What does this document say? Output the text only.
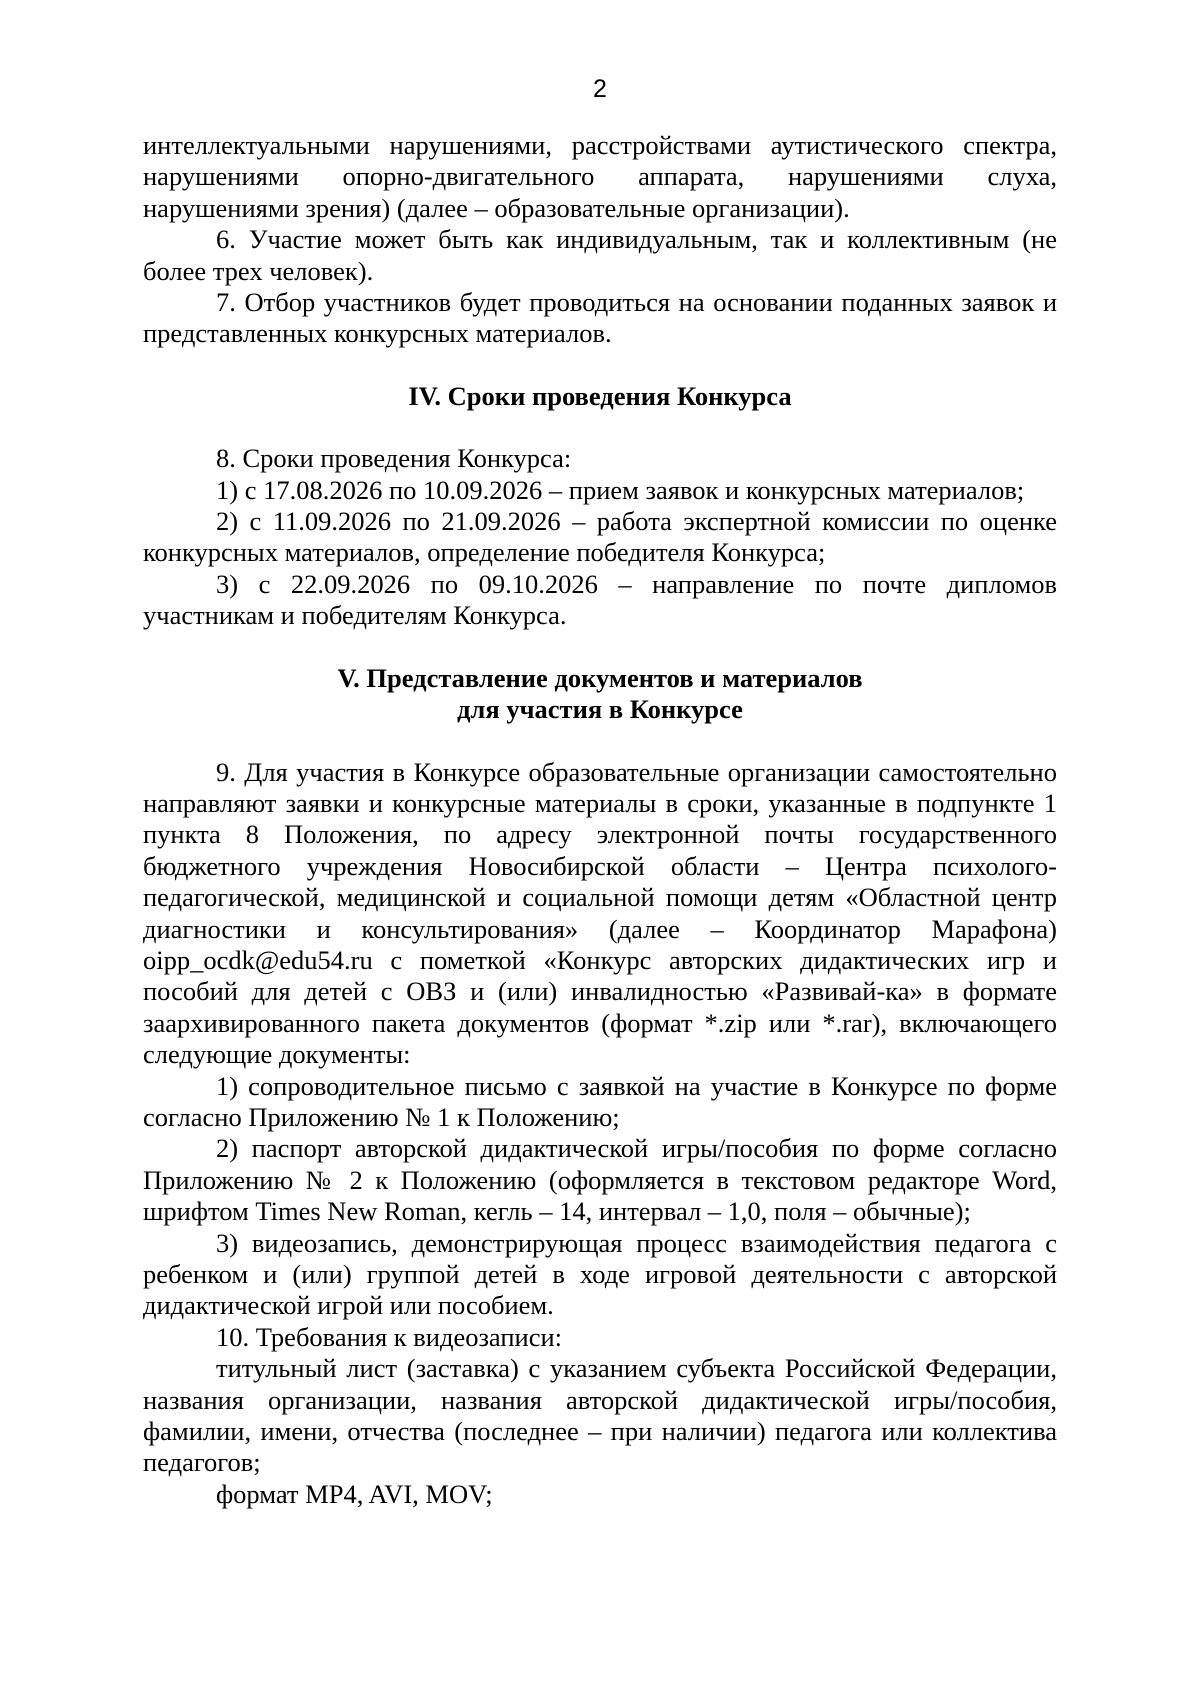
2

интеллектуальными нарушениями, расстройствами аутистического спектра, нарушениями опорно-двигательного аппарата, нарушениями слуха, нарушениями зрения) (далее – образовательные организации).

6. Участие может быть как индивидуальным, так и коллективным (не более трех человек).

7. Отбор участников будет проводиться на основании поданных заявок и представленных конкурсных материалов.

IV. Сроки проведения Конкурса

8. Сроки проведения Конкурса:

1) с 17.08.2026 по 10.09.2026 – прием заявок и конкурсных материалов;

2) с 11.09.2026 по 21.09.2026 – работа экспертной комиссии по оценке конкурсных материалов, определение победителя Конкурса;

3) с 22.09.2026 по 09.10.2026 – направление по почте дипломов участникам и победителям Конкурса.

V. Представление документов и материалов
для участия в Конкурсе

9. Для участия в Конкурсе образовательные организации самостоятельно направляют заявки и конкурсные материалы в сроки, указанные в подпункте 1 пункта 8 Положения, по адресу электронной почты государственного бюджетного учреждения Новосибирской области – Центра психолого-педагогической, медицинской и социальной помощи детям «Областной центр диагностики и консультирования» (далее – Координатор Марафона) oipp_ocdk@edu54.ru с пометкой «Конкурс авторских дидактических игр и пособий для детей с ОВЗ и (или) инвалидностью «Развивай-ка» в формате заархивированного пакета документов (формат *.zip или *.rar), включающего следующие документы:

1) сопроводительное письмо с заявкой на участие в Конкурсе по форме согласно Приложению № 1 к Положению;

2) паспорт авторской дидактической игры/пособия по форме согласно Приложению № 2 к Положению (оформляется в текстовом редакторе Word, шрифтом Times New Roman, кегль – 14, интервал – 1,0, поля – обычные);

3) видеозапись, демонстрирующая процесс взаимодействия педагога с ребенком и (или) группой детей в ходе игровой деятельности с авторской дидактической игрой или пособием.

10. Требования к видеозаписи:

титульный лист (заставка) с указанием субъекта Российской Федерации, названия организации, названия авторской дидактической игры/пособия, фамилии, имени, отчества (последнее – при наличии) педагога или коллектива педагогов;

формат MP4, AVI, MOV;
